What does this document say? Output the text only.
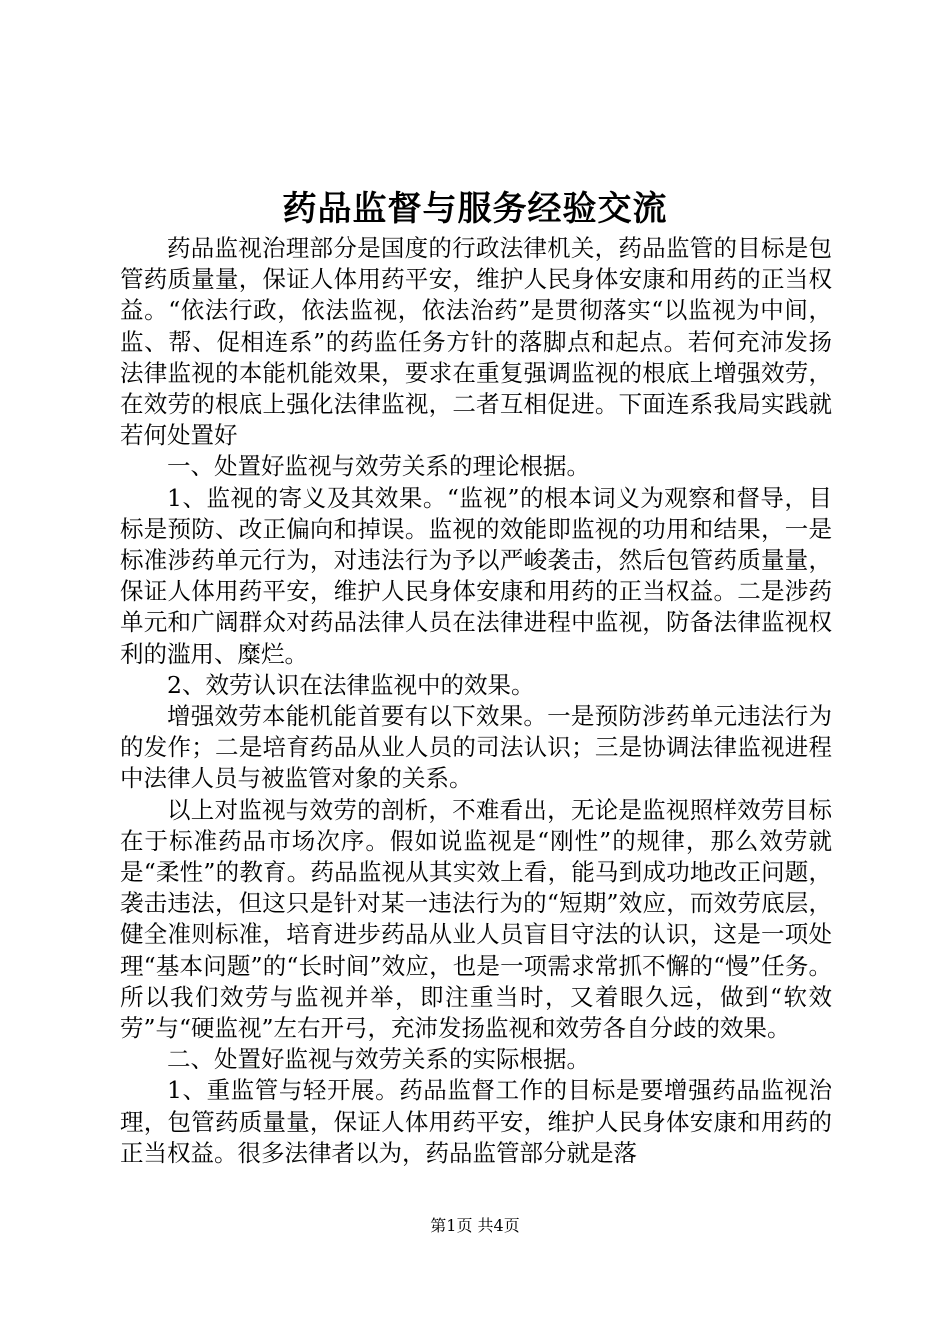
药品监督与服务经验交流

药品监视治理部分是国度的行政法律机关，药品监管的目标是包管药质量量，保证人体用药平安，维护人民身体安康和用药的正当权益。“依法行政，依法监视，依法治药”是贯彻落实“以监视为中间，监、帮、促相连系”的药监任务方针的落脚点和起点。若何充沛发扬法律监视的本能机能效果，要求在重复强调监视的根底上增强效劳，在效劳的根底上强化法律监视，二者互相促进。下面连系我局实践就若何处置好

一、处置好监视与效劳关系的理论根据。

1、监视的寄义及其效果。“监视”的根本词义为观察和督导，目标是预防、改正偏向和掉误。监视的效能即监视的功用和结果，一是标准涉药单元行为，对违法行为予以严峻袭击，然后包管药质量量，保证人体用药平安，维护人民身体安康和用药的正当权益。二是涉药单元和广阔群众对药品法律人员在法律进程中监视，防备法律监视权利的滥用、糜烂。

2、效劳认识在法律监视中的效果。

增强效劳本能机能首要有以下效果。一是预防涉药单元违法行为的发作；二是培育药品从业人员的司法认识；三是协调法律监视进程中法律人员与被监管对象的关系。

以上对监视与效劳的剖析，不难看出，无论是监视照样效劳目标在于标准药品市场次序。假如说监视是“刚性”的规律，那么效劳就是“柔性”的教育。药品监视从其实效上看，能马到成功地改正问题，袭击违法，但这只是针对某一违法行为的“短期”效应，而效劳底层，健全准则标准，培育进步药品从业人员盲目守法的认识，这是一项处理“基本问题”的“长时间”效应，也是一项需求常抓不懈的“慢”任务。所以我们效劳与监视并举，即注重当时，又着眼久远，做到“软效劳”与“硬监视”左右开弓，充沛发扬监视和效劳各自分歧的效果。

二、处置好监视与效劳关系的实际根据。

1、重监管与轻开展。药品监督工作的目标是要增强药品监视治理，包管药质量量，保证人体用药平安，维护人民身体安康和用药的正当权益。很多法律者以为，药品监管部分就是落

第1页 共4页
